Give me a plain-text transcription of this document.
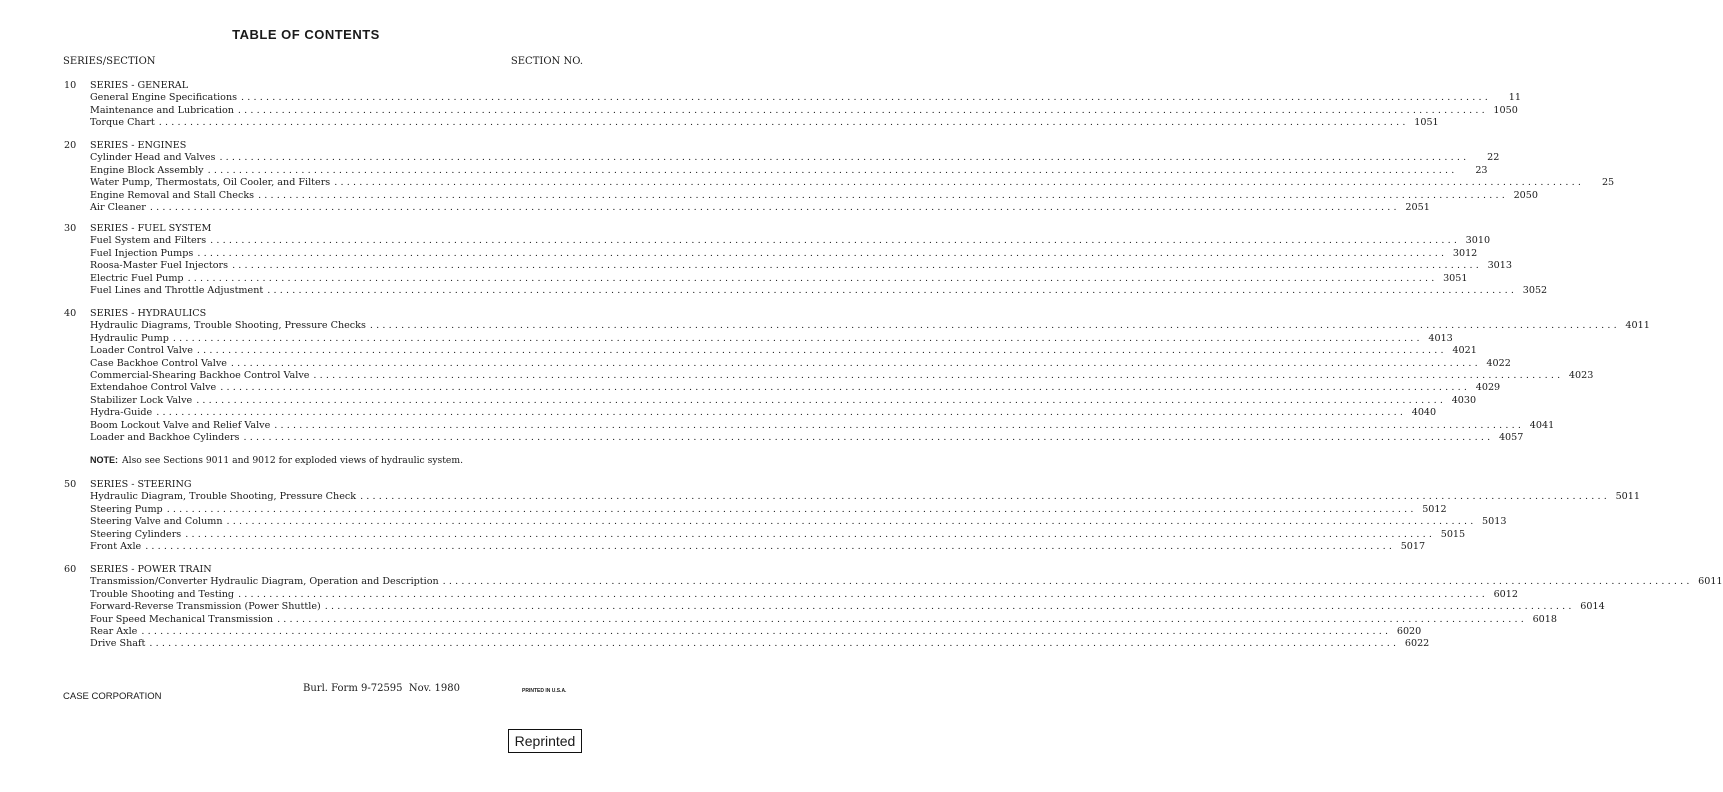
TABLE OF CONTENTS
SERIES/SECTION	SECTION NO.
10	SERIES - GENERAL
General Engine Specifications ........................................................................................................................................................................................................	11
Maintenance and Lubrication ........................................................................................................................................................................................................ 1050
Torque Chart ........................................................................................................................................................................................................ 1051
20	SERIES - ENGINES
Cylinder Head and Valves ........................................................................................................................................................................................................	22
Engine Block Assembly ........................................................................................................................................................................................................	23
Water Pump, Thermostats, Oil Cooler, and Filters ........................................................................................................................................................................................................	25
Engine Removal and Stall Checks ........................................................................................................................................................................................................ 2050
Air Cleaner ........................................................................................................................................................................................................ 2051
30	SERIES - FUEL SYSTEM
Fuel System and Filters ........................................................................................................................................................................................................ 3010
Fuel Injection Pumps ........................................................................................................................................................................................................ 3012
Roosa-Master Fuel Injectors ........................................................................................................................................................................................................ 3013
Electric Fuel Pump ........................................................................................................................................................................................................ 3051
Fuel Lines and Throttle Adjustment ........................................................................................................................................................................................................ 3052
40	SERIES - HYDRAULICS
Hydraulic Diagrams, Trouble Shooting, Pressure Checks ........................................................................................................................................................................................................ 4011
Hydraulic Pump ........................................................................................................................................................................................................ 4013
Loader Control Valve ........................................................................................................................................................................................................ 4021
Case Backhoe Control Valve ........................................................................................................................................................................................................ 4022
Commercial-Shearing Backhoe Control Valve ........................................................................................................................................................................................................ 4023
Extendahoe Control Valve ........................................................................................................................................................................................................ 4029
Stabilizer Lock Valve ........................................................................................................................................................................................................ 4030
Hydra-Guide ........................................................................................................................................................................................................ 4040
Boom Lockout Valve and Relief Valve ........................................................................................................................................................................................................ 4041
Loader and Backhoe Cylinders ........................................................................................................................................................................................................ 4057
50	SERIES - STEERING
Hydraulic Diagram, Trouble Shooting, Pressure Check ........................................................................................................................................................................................................ 5011
Steering Pump ........................................................................................................................................................................................................ 5012
Steering Valve and Column ........................................................................................................................................................................................................ 5013
Steering Cylinders ........................................................................................................................................................................................................ 5015
Front Axle ........................................................................................................................................................................................................ 5017
60	SERIES - POWER TRAIN
Transmission/Converter Hydraulic Diagram, Operation and Description ........................................................................................................................................................................................................ 6011
Trouble Shooting and Testing ........................................................................................................................................................................................................ 6012
Forward-Reverse Transmission (Power Shuttle) ........................................................................................................................................................................................................ 6014
Four Speed Mechanical Transmission ........................................................................................................................................................................................................ 6018
Rear Axle ........................................................................................................................................................................................................ 6020
Drive Shaft ........................................................................................................................................................................................................ 6022
NOTE: Also see Sections 9011 and 9012 for exploded views of hydraulic system.
CASE CORPORATION
Burl. Form 9-72595  Nov. 1980	PRINTED IN U.S.A.
Reprinted
